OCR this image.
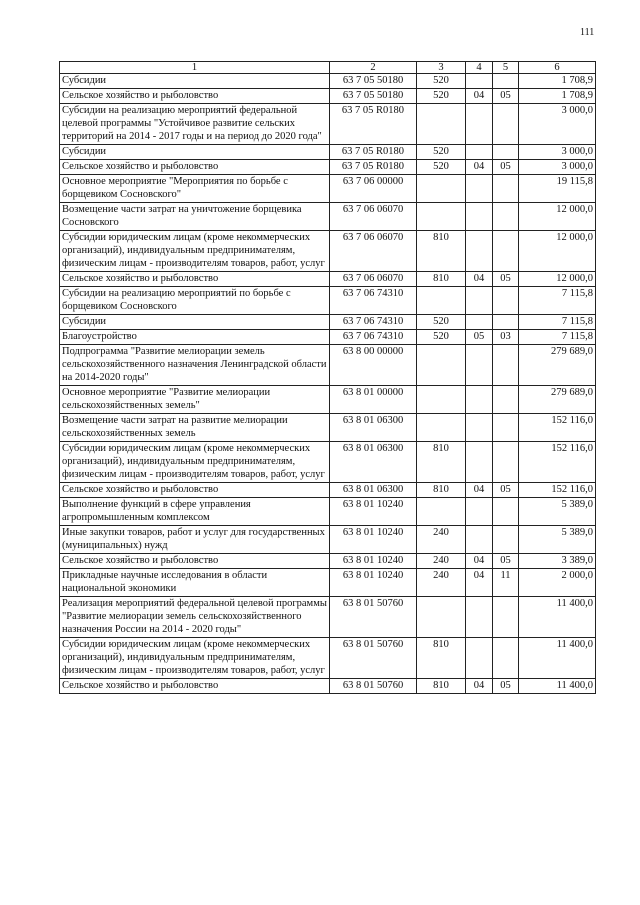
111
1	2	3	4	5	6
Субсидии	63 7 05 50180	520			1 708,9
Сельское хозяйство и рыболовство	63 7 05 50180	520	04	05	1 708,9
Субсидии на реализацию мероприятий федеральной целевой программы "Устойчивое развитие сельских территорий на 2014 - 2017 годы и на период до 2020 года"	63 7 05 R0180				3 000,0
Субсидии	63 7 05 R0180	520			3 000,0
Сельское хозяйство и рыболовство	63 7 05 R0180	520	04	05	3 000,0
Основное мероприятие "Мероприятия по борьбе с борщевиком Сосновского"	63 7 06 00000				19 115,8
Возмещение части затрат на уничтожение борщевика Сосновского	63 7 06 06070				12 000,0
Субсидии юридическим лицам (кроме некоммерческих организаций), индивидуальным предпринимателям, физическим лицам - производителям товаров, работ, услуг	63 7 06 06070	810			12 000,0
Сельское хозяйство и рыболовство	63 7 06 06070	810	04	05	12 000,0
Субсидии на реализацию мероприятий по борьбе с борщевиком Сосновского	63 7 06 74310				7 115,8
Субсидии	63 7 06 74310	520			7 115,8
Благоустройство	63 7 06 74310	520	05	03	7 115,8
Подпрограмма "Развитие мелиорации земель сельскохозяйственного назначения Ленинградской области на 2014-2020 годы"	63 8 00 00000				279 689,0
Основное мероприятие "Развитие мелиорации сельскохозяйственных земель"	63 8 01 00000				279 689,0
Возмещение части затрат на развитие мелиорации сельскохозяйственных земель	63 8 01 06300				152 116,0
Субсидии юридическим лицам (кроме некоммерческих организаций), индивидуальным предпринимателям, физическим лицам - производителям товаров, работ, услуг	63 8 01 06300	810			152 116,0
Сельское хозяйство и рыболовство	63 8 01 06300	810	04	05	152 116,0
Выполнение функций в сфере управления агропромышленным комплексом	63 8 01 10240				5 389,0
Иные закупки товаров, работ и услуг для государственных (муниципальных) нужд	63 8 01 10240	240			5 389,0
Сельское хозяйство и рыболовство	63 8 01 10240	240	04	05	3 389,0
Прикладные научные исследования в области национальной экономики	63 8 01 10240	240	04	11	2 000,0
Реализация мероприятий федеральной целевой программы "Развитие мелиорации земель сельскохозяйственного назначения России на 2014 - 2020 годы"	63 8 01 50760				11 400,0
Субсидии юридическим лицам (кроме некоммерческих организаций), индивидуальным предпринимателям, физическим лицам - производителям товаров, работ, услуг	63 8 01 50760	810			11 400,0
Сельское хозяйство и рыболовство	63 8 01 50760	810	04	05	11 400,0
